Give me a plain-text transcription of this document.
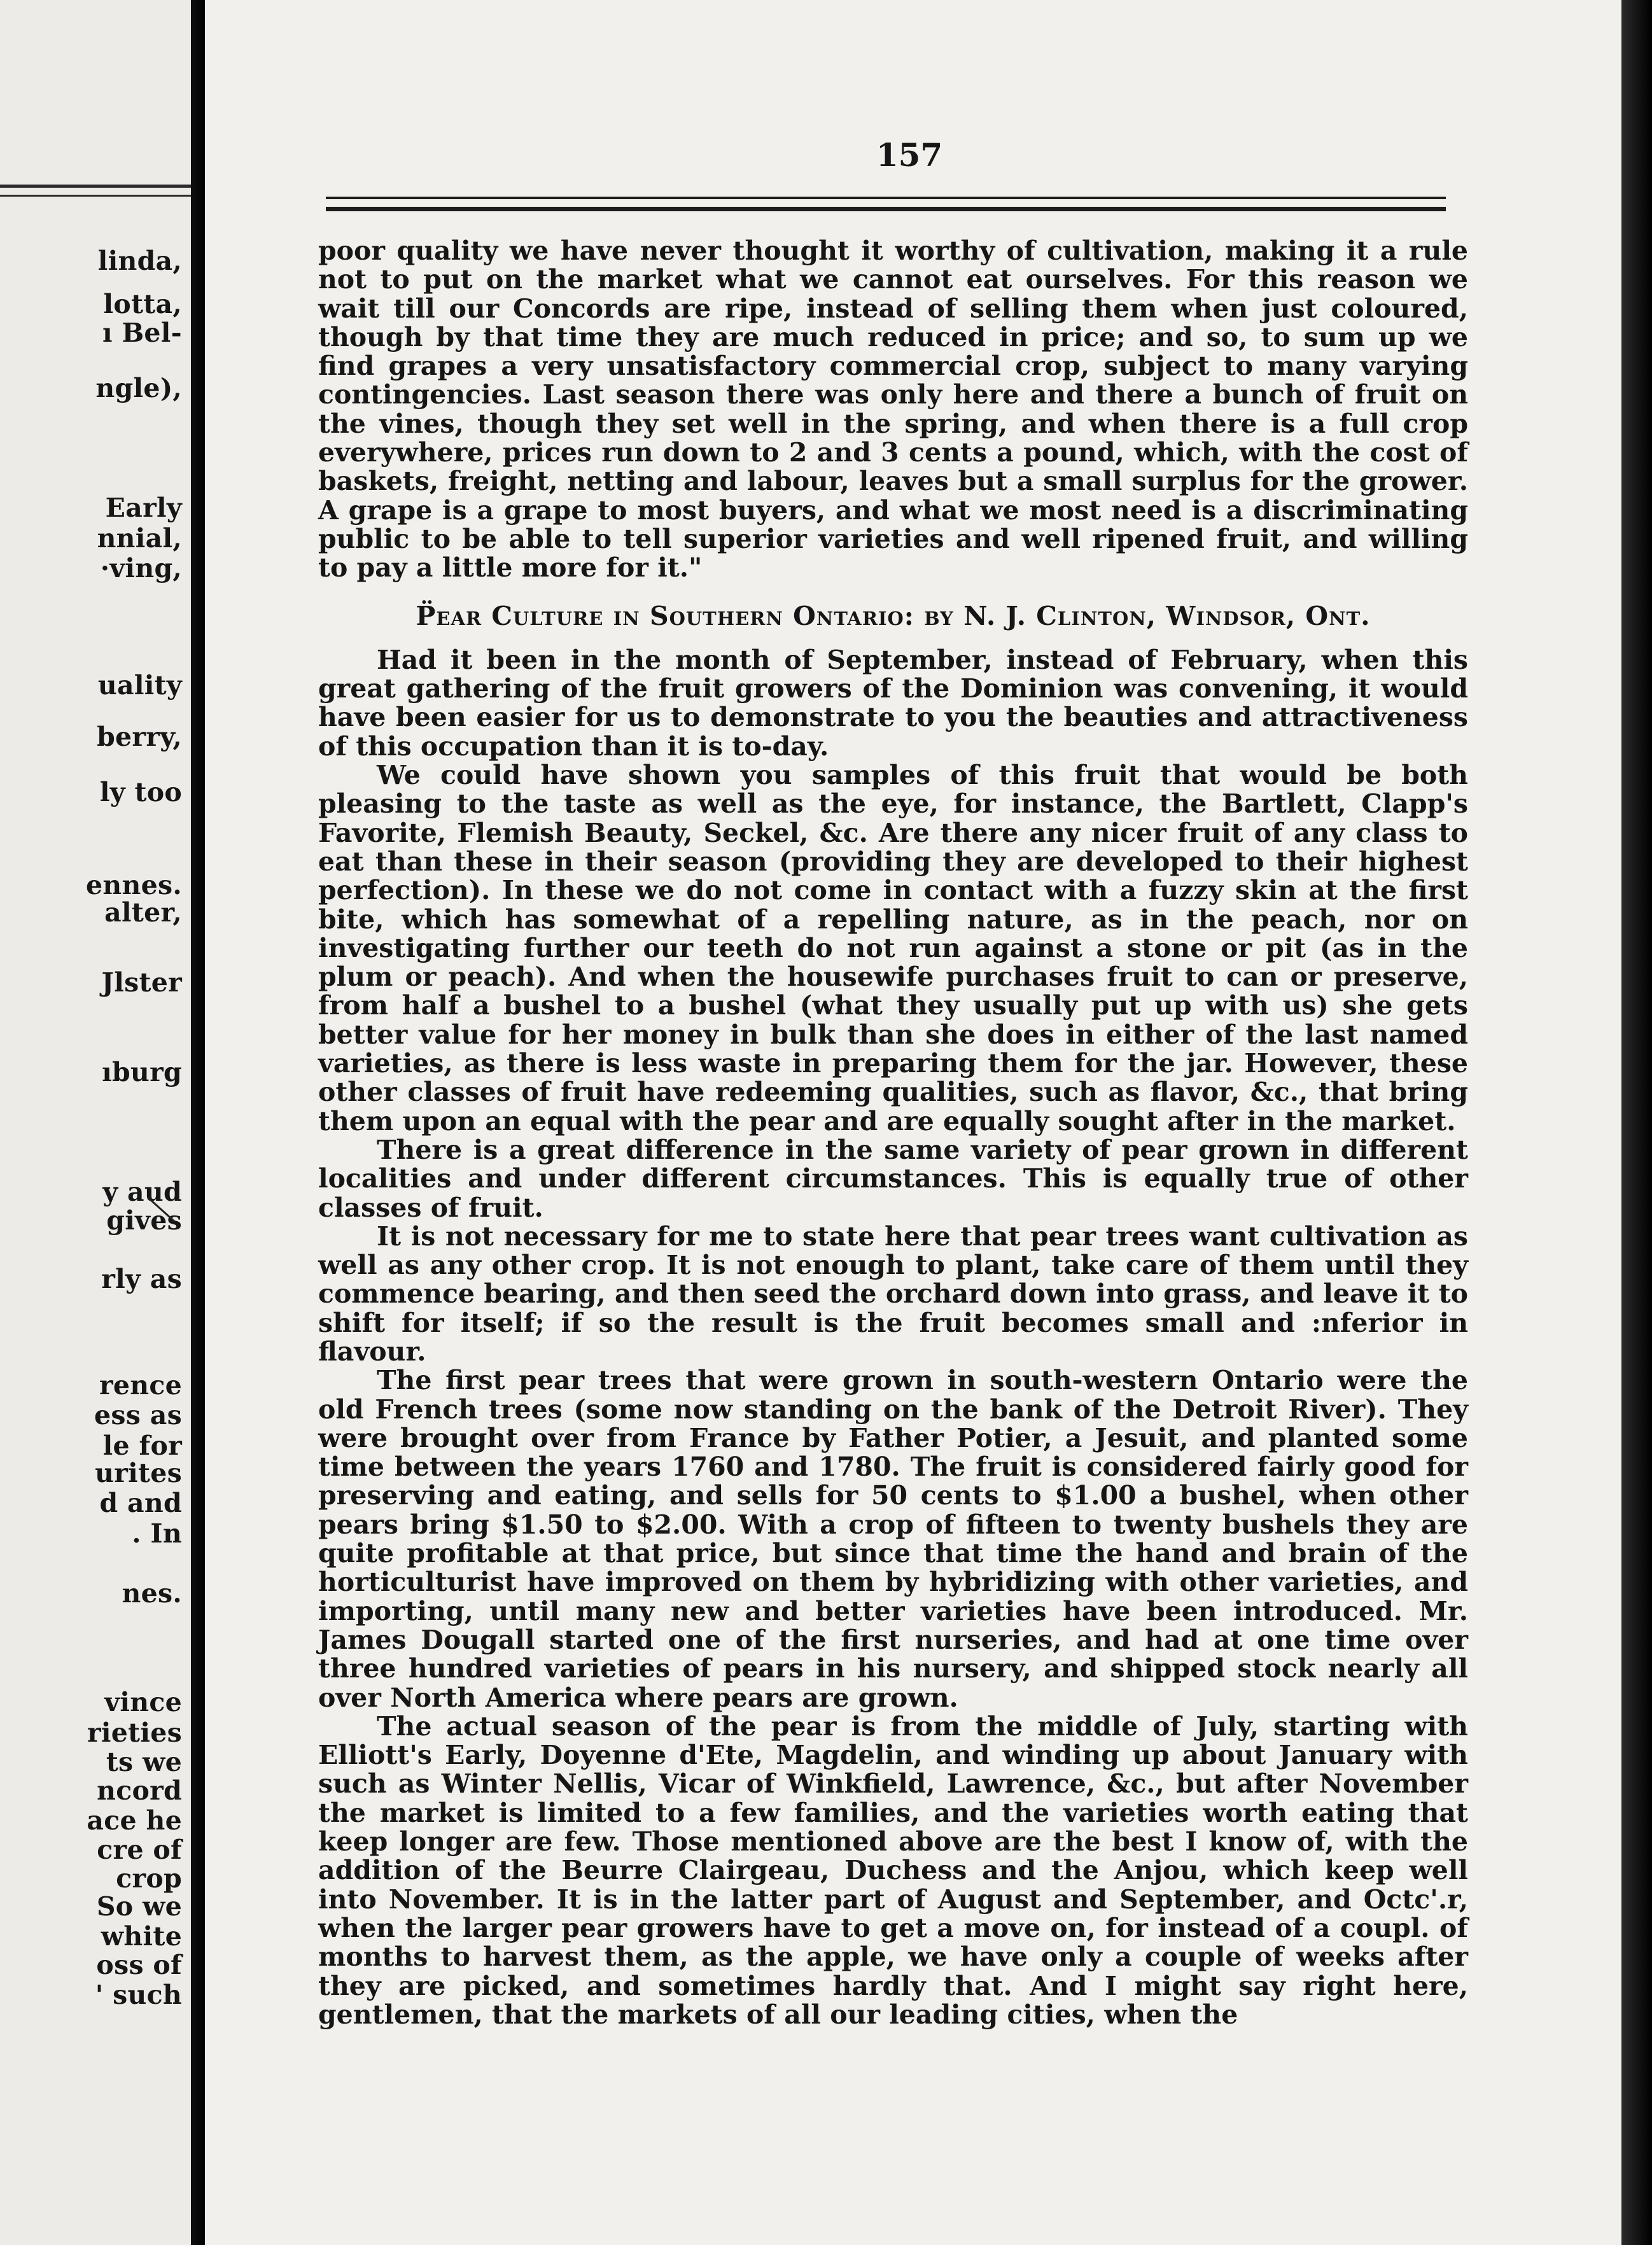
linda,
lotta,
ı Bel-
ngle),
Early
nnial,
·ving,
uality
berry,
ly too
ennes.
alter,
Jlster
ıburg
y aud
gives
rly as
rence
ess as
le for
urites
d and
. In
nes.
vince
rieties
ts we
ncord
ace he
cre of
crop
So we
white
oss of
' such
157

poor quality we have never thought it worthy of cultivation, making it a rule not to put on the market what we cannot eat ourselves. For this reason we wait till our Concords are ripe, instead of selling them when just coloured, though by that time they are much reduced in price; and so, to sum up we find grapes a very unsatisfactory commercial crop, subject to many varying contingencies. Last season there was only here and there a bunch of fruit on the vines, though they set well in the spring, and when there is a full crop everywhere, prices run down to 2 and 3 cents a pound, which, with the cost of baskets, freight, netting and labour, leaves but a small surplus for the grower. A grape is a grape to most buyers, and what we most need is a discriminating public to be able to tell superior varieties and well ripened fruit, and willing to pay a little more for it."

P̈ear Culture in Southern Ontario: by N. J. Clinton, Windsor, Ont.

Had it been in the month of September, instead of February, when this great gathering of the fruit growers of the Dominion was convening, it would have been easier for us to demonstrate to you the beauties and attractiveness of this occupation than it is to-day.

We could have shown you samples of this fruit that would be both pleasing to the taste as well as the eye, for instance, the Bartlett, Clapp's Favorite, Flemish Beauty, Seckel, &c. Are there any nicer fruit of any class to eat than these in their season (providing they are developed to their highest perfection). In these we do not come in contact with a fuzzy skin at the first bite, which has somewhat of a repelling nature, as in the peach, nor on investigating further our teeth do not run against a stone or pit (as in the plum or peach). And when the housewife purchases fruit to can or preserve, from half a bushel to a bushel (what they usually put up with us) she gets better value for her money in bulk than she does in either of the last named varieties, as there is less waste in preparing them for the jar. However, these other classes of fruit have redeeming qualities, such as flavor, &c., that bring them upon an equal with the pear and are equally sought after in the market.

There is a great difference in the same variety of pear grown in different localities and under different circumstances. This is equally true of other classes of fruit.

It is not necessary for me to state here that pear trees want cultivation as well as any other crop. It is not enough to plant, take care of them until they commence bearing, and then seed the orchard down into grass, and leave it to shift for itself; if so the result is the fruit becomes small and :nferior in flavour.

The first pear trees that were grown in south-western Ontario were the old French trees (some now standing on the bank of the Detroit River). They were brought over from France by Father Potier, a Jesuit, and planted some time between the years 1760 and 1780. The fruit is considered fairly good for preserving and eating, and sells for 50 cents to $1.00 a bushel, when other pears bring $1.50 to $2.00. With a crop of fifteen to twenty bushels they are quite profitable at that price, but since that time the hand and brain of the horticulturist have improved on them by hybridizing with other varieties, and importing, until many new and better varieties have been introduced. Mr. James Dougall started one of the first nurseries, and had at one time over three hundred varieties of pears in his nursery, and shipped stock nearly all over North America where pears are grown.

The actual season of the pear is from the middle of July, starting with Elliott's Early, Doyenne d'Ete, Magdelin, and winding up about January with such as Winter Nellis, Vicar of Winkfield, Lawrence, &c., but after November the market is limited to a few families, and the varieties worth eating that keep longer are few. Those mentioned above are the best I know of, with the addition of the Beurre Clairgeau, Duchess and the Anjou, which keep well into November. It is in the latter part of August and September, and Octc'.r, when the larger pear growers have to get a move on, for instead of a coupl. of months to harvest them, as the apple, we have only a couple of weeks after they are picked, and sometimes hardly that. And I might say right here, gentlemen, that the markets of all our leading cities, when the
